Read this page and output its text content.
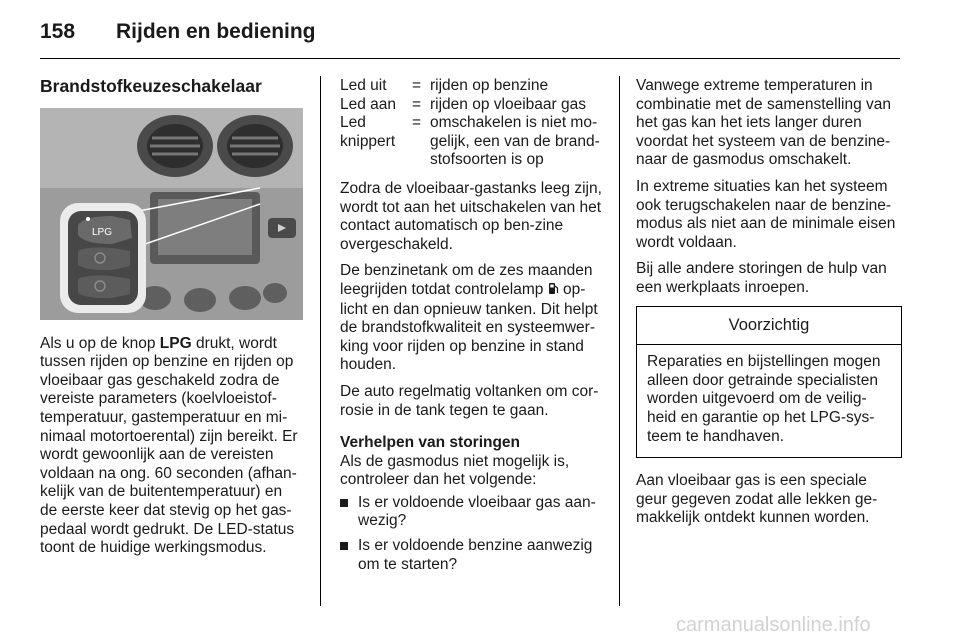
158 Rijden en bediening
Brandstofkeuzeschakelaar
LPG

Als u op de knop LPG drukt, wordt tussen rijden op benzine en rijden op vloeibaar gas geschakeld zodra de vereiste parameters (koelvloeistof-temperatuur, gastemperatuur en mi-nimaal motortoerental) zijn bereikt. Er wordt gewoonlijk aan de vereisten voldaan na ong. 60 seconden (afhan-kelijk van de buitentemperatuur) en de eerste keer dat stevig op het gas-pedaal wordt gedrukt. De LED-status toont de huidige werkingsmodus.

Led uit	=	rijden op benzine
Led aan	=	rijden op vloeibaar gas
Led knippert	=	omschakelen is niet mo-gelijk, een van de brand-stofsoorten is op

Zodra de vloeibaar-gastanks leeg zijn, wordt tot aan het uitschakelen van het contact automatisch op ben-zine overgeschakeld.

De benzinetank om de zes maanden leegrijden totdat controlelamp  op-licht en dan opnieuw tanken. Dit helpt de brandstofkwaliteit en systeemwer-king voor rijden op benzine in stand houden.

De auto regelmatig voltanken om cor-rosie in de tank tegen te gaan.

Verhelpen van storingen

Als de gasmodus niet mogelijk is, controleer dan het volgende:

Is er voldoende vloeibaar gas aan-wezig?
Is er voldoende benzine aanwezig om te starten?

Vanwege extreme temperaturen in combinatie met de samenstelling van het gas kan het iets langer duren voordat het systeem van de benzine-naar de gasmodus omschakelt.

In extreme situaties kan het systeem ook terugschakelen naar de benzine-modus als niet aan de minimale eisen wordt voldaan.

Bij alle andere storingen de hulp van een werkplaats inroepen.

Voorzichtig
Reparaties en bijstellingen mogen alleen door getrainde specialisten worden uitgevoerd om de veilig-heid en garantie op het LPG-sys-teem te handhaven.

Aan vloeibaar gas is een speciale geur gegeven zodat alle lekken ge-makkelijk ontdekt kunnen worden.

carmanualsonline.info
